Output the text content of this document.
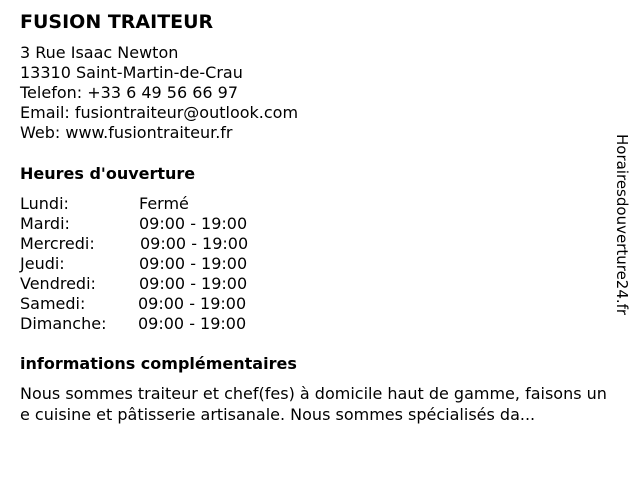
FUSION TRAITEUR
3 Rue Isaac Newton
13310 Saint-Martin-de-Crau
Telefon: +33 6 49 56 66 97
Email: fusiontraiteur@outlook.com
Web: www.fusiontraiteur.fr
Heures d'ouverture
Lundi:	Fermé
Mardi:	09:00 - 19:00
Mercredi:	09:00 - 19:00
Jeudi:	09:00 - 19:00
Vendredi:	09:00 - 19:00
Samedi:	09:00 - 19:00
Dimanche: 09:00 - 19:00
informations complémentaires

Nous sommes traiteur et chef(fes) à domicile haut de gamme, faisons une cuisine et pâtisserie artisanale. Nous sommes spécialisés da...

Horairesdouverture24.fr
